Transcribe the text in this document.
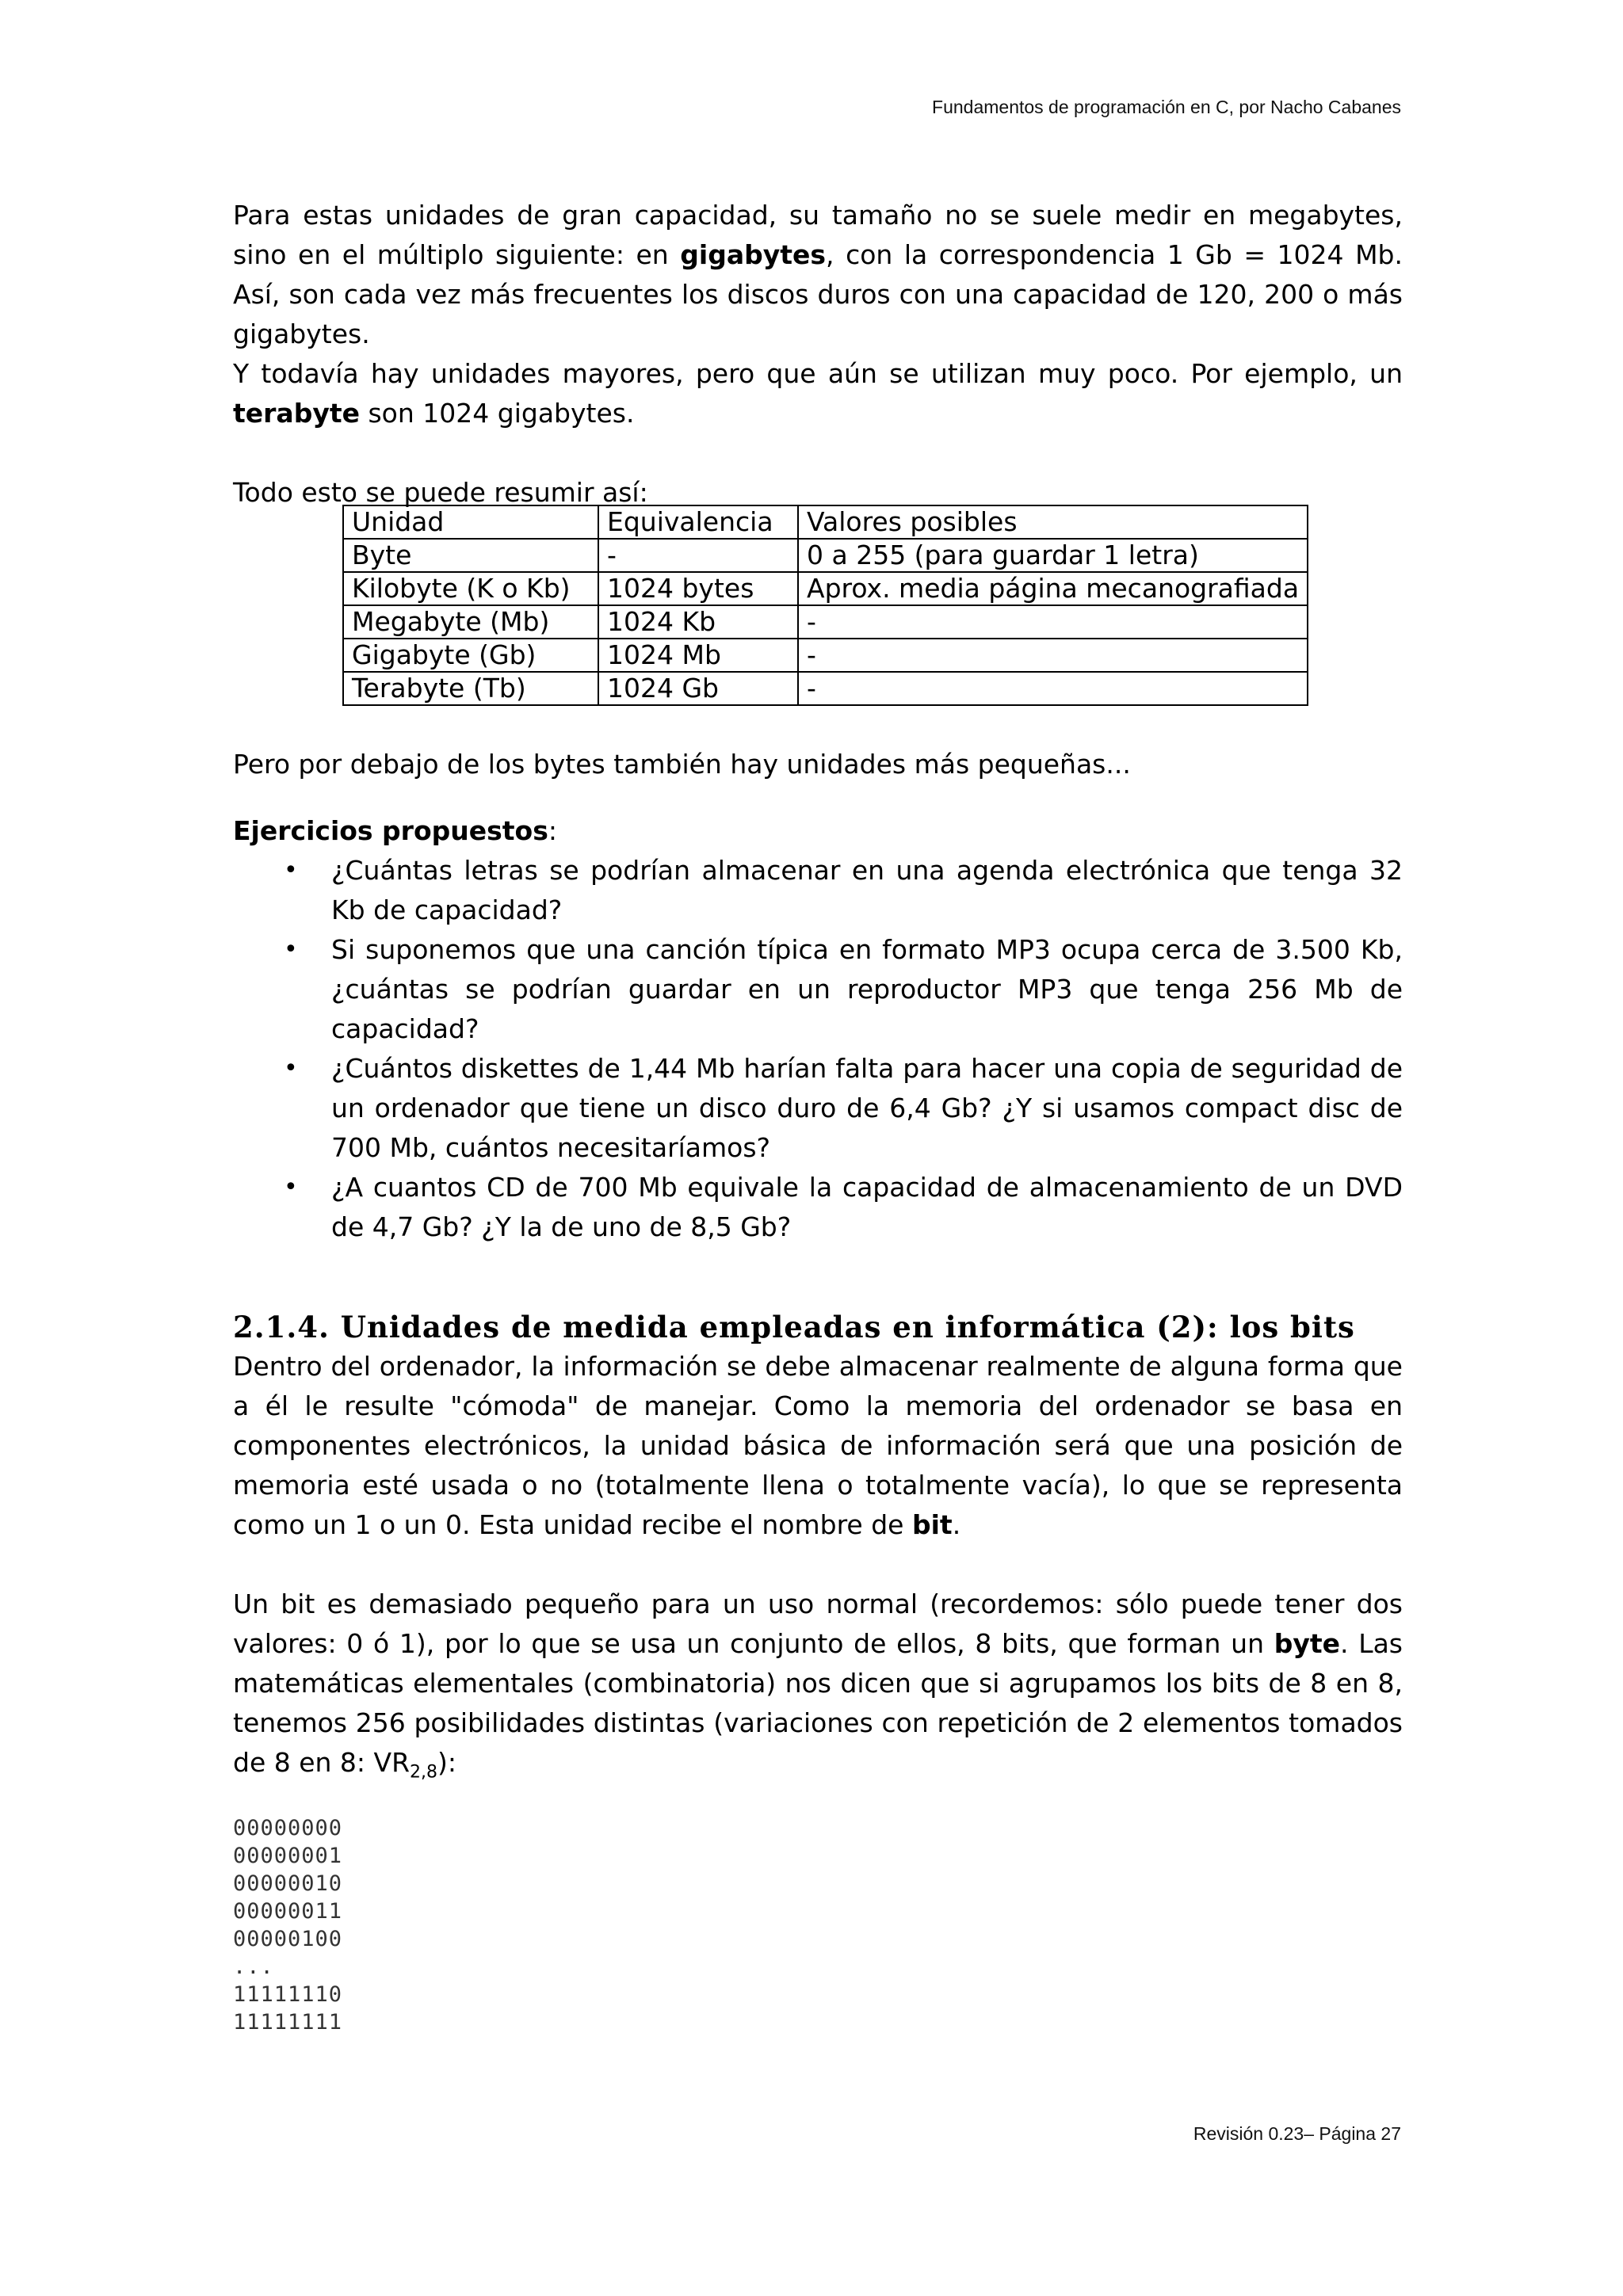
Fundamentos de programación en C, por Nacho Cabanes

Para estas unidades de gran capacidad, su tamaño no se suele medir en megabytes, sino en el múltiplo siguiente: en gigabytes, con la correspondencia 1 Gb = 1024 Mb. Así, son cada vez más frecuentes los discos duros con una capacidad de 120, 200 o más gigabytes.

Y todavía hay unidades mayores, pero que aún se utilizan muy poco. Por ejemplo, un terabyte son 1024 gigabytes.

Todo esto se puede resumir así:

Unidad	Equivalencia	Valores posibles
Byte	-	0 a 255 (para guardar 1 letra)
Kilobyte (K o Kb)	1024 bytes	Aprox. media página mecanografiada
Megabyte (Mb)	1024 Kb	-
Gigabyte (Gb)	1024 Mb	-
Terabyte (Tb)	1024 Gb	-
Pero por debajo de los bytes también hay unidades más pequeñas...
Ejercicios propuestos:
• ¿Cuántas letras se podrían almacenar en una agenda electrónica que tenga 32 Kb de capacidad?
• Si suponemos que una canción típica en formato MP3 ocupa cerca de 3.500 Kb, ¿cuántas se podrían guardar en un reproductor MP3 que tenga 256 Mb de capacidad?
• ¿Cuántos diskettes de 1,44 Mb harían falta para hacer una copia de seguridad de un ordenador que tiene un disco duro de 6,4 Gb? ¿Y si usamos compact disc de 700 Mb, cuántos necesitaríamos?
• ¿A cuantos CD de 700 Mb equivale la capacidad de almacenamiento de un DVD de 4,7 Gb? ¿Y la de uno de 8,5 Gb?
2.1.4. Unidades de medida empleadas en informática (2): los bits

Dentro del ordenador, la información se debe almacenar realmente de alguna forma que a él le resulte "cómoda" de manejar. Como la memoria del ordenador se basa en componentes electrónicos, la unidad básica de información será que una posición de memoria esté usada o no (totalmente llena o totalmente vacía), lo que se representa como un 1 o un 0. Esta unidad recibe el nombre de bit.

Un bit es demasiado pequeño para un uso normal (recordemos: sólo puede tener dos valores: 0 ó 1), por lo que se usa un conjunto de ellos, 8 bits, que forman un byte. Las matemáticas elementales (combinatoria) nos dicen que si agrupamos los bits de 8 en 8, tenemos 256 posibilidades distintas (variaciones con repetición de 2 elementos tomados de 8 en 8: $VR_{2,8}$):

00000000
00000001
00000010
00000011
00000100
...
11111110
11111111
Revisión 0.23– Página 27
